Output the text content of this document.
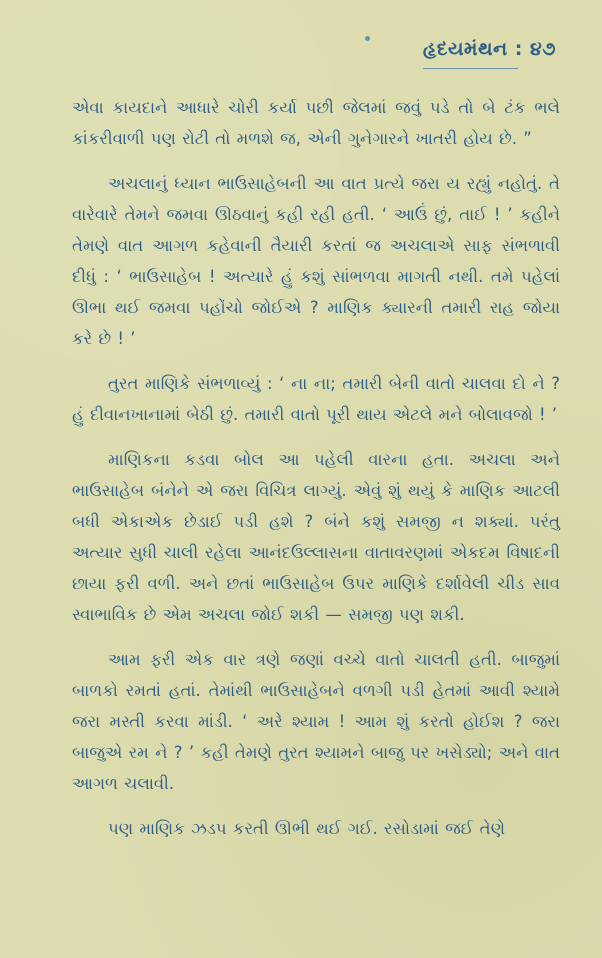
હૃદયમંથન : ૪૭

એવા કાયદાને આધારે ચોરી કર્યા પછી જેલમાં જવું પડે તો બે ટંક ભલે કાંકરીવાળી પણ રોટી તો મળશે જ, એની ગુનેગારને ખાતરી હોય છે. ”

અચલાનું ધ્યાન ભાઉસાહેબની આ વાત પ્રત્યે જરા ય રહ્યું નહોતું. તે વારેવારે તેમને જમવા ઊઠવાનું કહી રહી હતી. ‘ આઉં છું, તાઈ ! ’ કહીને તેમણે વાત આગળ કહેવાની તૈયારી કરતાં જ અચલાએ સાફ સંભળાવી દીધું : ‘ ભાઉસાહેબ ! અત્યારે હું કશું સાંભળવા માગતી નથી. તમે પહેલાં ઊભા થઈ જમવા પહોંચો જોઈએ ? માણિક ક્યારની તમારી રાહ જોયા કરે છે ! ’

તુરત માણિકે સંભળાવ્યું : ‘ ના ના; તમારી બેની વાતો ચાલવા દો ને ? હું દીવાનખાનામાં બેઠી છું. તમારી વાતો પૂરી થાય એટલે મને બોલાવજો ! ’

માણિકના કડવા બોલ આ પહેલી વારના હતા. અચલા અને ભાઉસાહેબ બંનેને એ જરા વિચિત્ર લાગ્યું. એવું શું થયું કે માણિક આટલી બધી એકાએક છેડાઈ પડી હશે ? બંને કશું સમજી ન શક્યાં. પરંતુ અત્યાર સુધી ચાલી રહેલા આનંદઉલ્લાસના વાતાવરણમાં એકદમ વિષાદની છાયા ફરી વળી. અને છતાં ભાઉસાહેબ ઉપર માણિકે દર્શાવેલી ચીડ સાવ સ્વાભાવિક છે એમ અચલા જોઈ શકી — સમજી પણ શકી.

આમ ફરી એક વાર ત્રણે જણાં વચ્ચે વાતો ચાલતી હતી. બાજુમાં બાળકો રમતાં હતાં. તેમાંથી ભાઉસાહેબને વળગી પડી હેતમાં આવી શ્યામે જરા મસ્તી કરવા માંડી. ‘ અરે શ્યામ ! આમ શું કરતો હોઈશ ? જરા બાજુએ રમ ને ? ’ કહી તેમણે તુરત શ્યામને બાજુ પર ખસેડ્યો; અને વાત આગળ ચલાવી.

પણ માણિક ઝડપ કરતી ઊભી થઈ ગઈ. રસોડામાં જઈ તેણે
